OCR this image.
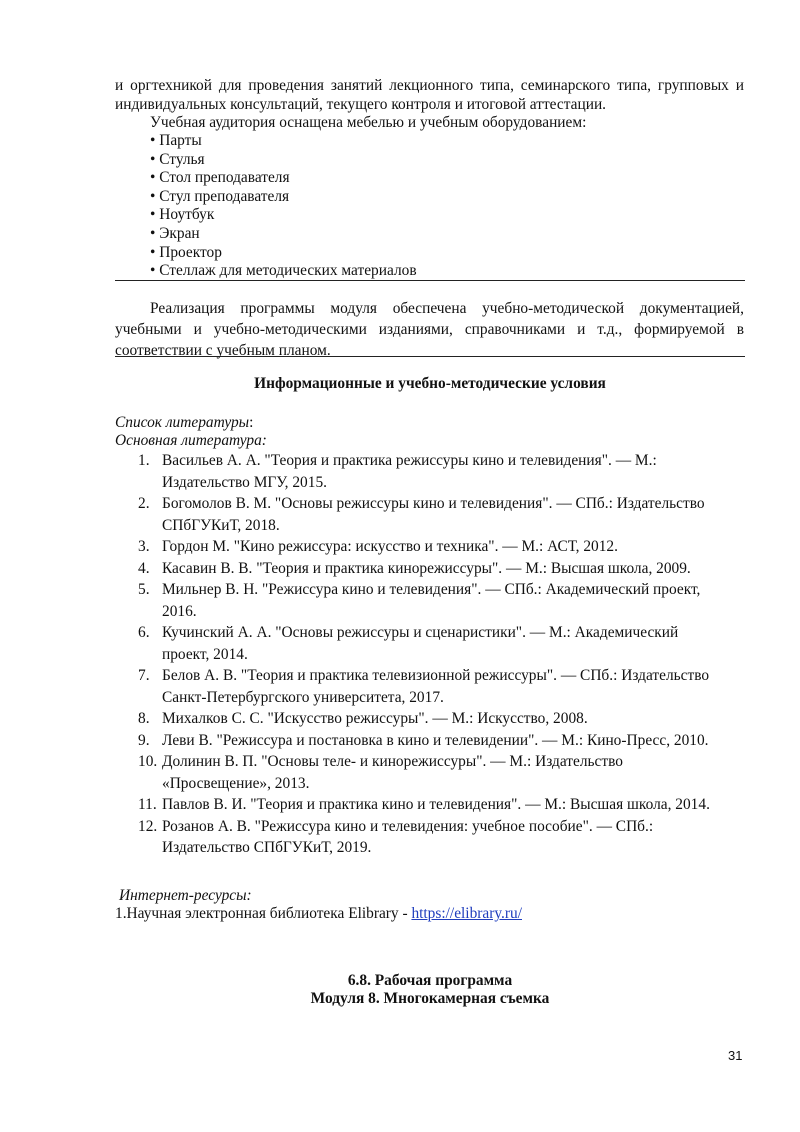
и оргтехникой для проведения занятий лекционного типа, семинарского типа, групповых и
индивидуальных консультаций, текущего контроля и итоговой аттестации.
Учебная аудитория оснащена мебелью и учебным оборудованием:
• Парты
• Стулья
• Стол преподавателя
• Стул преподавателя
• Ноутбук
• Экран
• Проектор
• Стеллаж для методических материалов
Реализация программы модуля обеспечена учебно-методической документацией,
учебными и учебно-методическими изданиями, справочниками и т.д., формируемой в
соответствии с учебным планом.
Информационные и учебно-методические условия
Список литературы:
Основная литература:
1. Васильев А. А. "Теория и практика режиссуры кино и телевидения". — М.:
Издательство МГУ, 2015.
2. Богомолов В. М. "Основы режиссуры кино и телевидения". — СПб.: Издательство
СПбГУКиТ, 2018.
3. Гордон М. "Кино режиссура: искусство и техника". — М.: АСТ, 2012.
4. Касавин В. В. "Теория и практика кинорежиссуры". — М.: Высшая школа, 2009.
5. Мильнер В. Н. "Режиссура кино и телевидения". — СПб.: Академический проект,
2016.
6. Кучинский А. А. "Основы режиссуры и сценаристики". — М.: Академический
проект, 2014.
7. Белов А. В. "Теория и практика телевизионной режиссуры". — СПб.: Издательство
Санкт-Петербургского университета, 2017.
8. Михалков С. С. "Искусство режиссуры". — М.: Искусство, 2008.
9. Леви В. "Режиссура и постановка в кино и телевидении". — М.: Кино-Пресс, 2010.
10. Долинин В. П. "Основы теле- и кинорежиссуры". — М.: Издательство
«Просвещение», 2013.
11. Павлов В. И. "Теория и практика кино и телевидения". — М.: Высшая школа, 2014.
12. Розанов А. В. "Режиссура кино и телевидения: учебное пособие". — СПб.:
Издательство СПбГУКиТ, 2019.
Интернет-ресурсы:
1.Научная электронная библиотека Elibrary - https://elibrary.ru/
6.8. Рабочая программа
Модуля 8. Многокамерная съемка
31
